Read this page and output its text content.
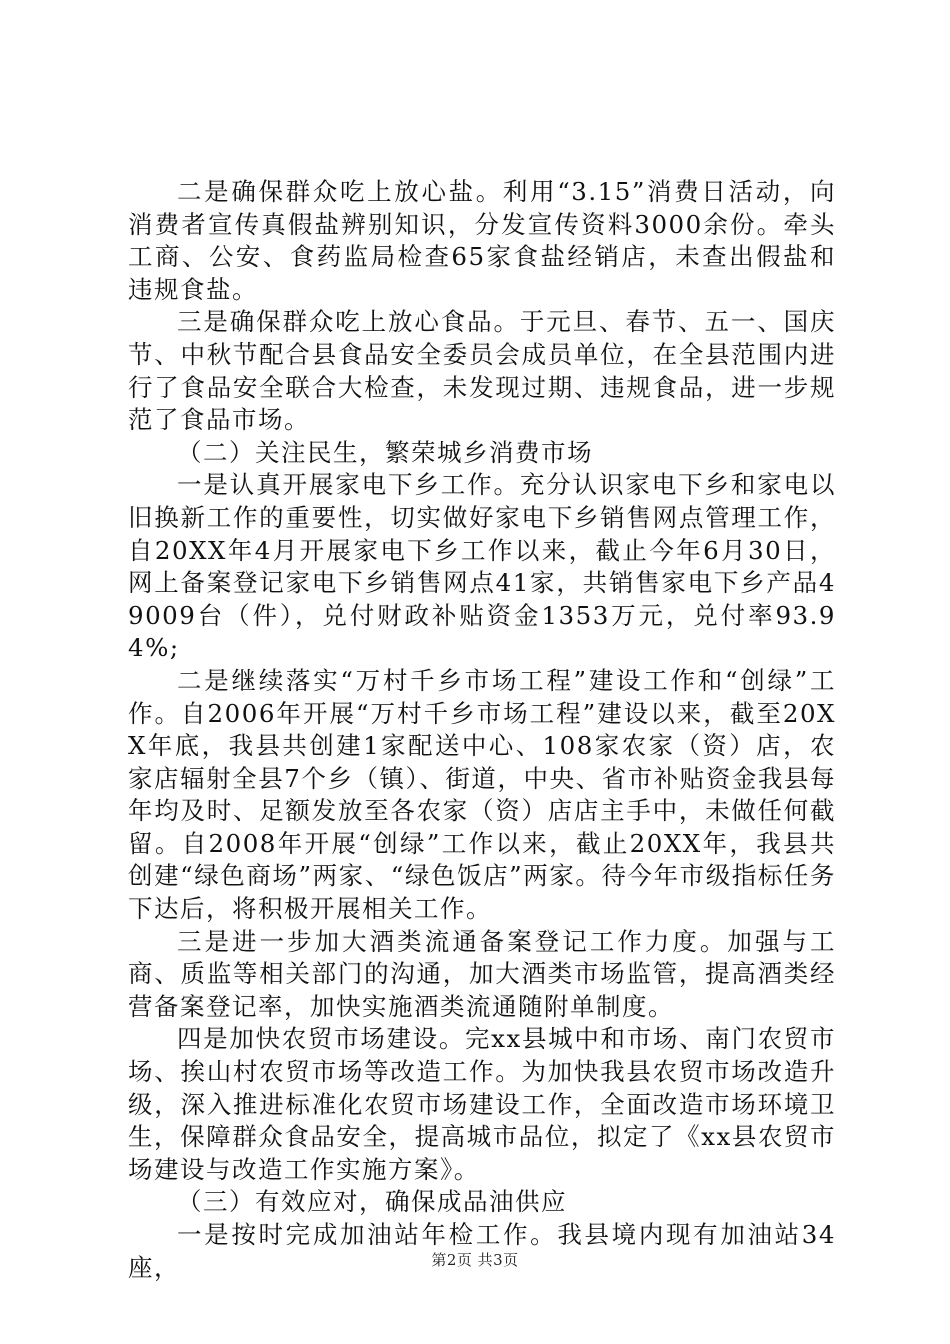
二是确保群众吃上放心盐。利用“3.15”消费日活动，向消费者宣传真假盐辨别知识，分发宣传资料3000余份。牵头工商、公安、食药监局检查65家食盐经销店，未查出假盐和违规食盐。

三是确保群众吃上放心食品。于元旦、春节、五一、国庆节、中秋节配合县食品安全委员会成员单位，在全县范围内进行了食品安全联合大检查，未发现过期、违规食品，进一步规范了食品市场。

（二）关注民生，繁荣城乡消费市场

一是认真开展家电下乡工作。充分认识家电下乡和家电以旧换新工作的重要性，切实做好家电下乡销售网点管理工作，自20XX年4月开展家电下乡工作以来，截止今年6月30日，网上备案登记家电下乡销售网点41家，共销售家电下乡产品49009台（件），兑付财政补贴资金1353万元，兑付率93.94%;

二是继续落实“万村千乡市场工程”建设工作和“创绿”工作。自2006年开展“万村千乡市场工程”建设以来，截至20XX年底，我县共创建1家配送中心、108家农家（资）店，农家店辐射全县7个乡（镇）、街道，中央、省市补贴资金我县每年均及时、足额发放至各农家（资）店店主手中，未做任何截留。自2008年开展“创绿”工作以来，截止20XX年，我县共创建“绿色商场”两家、“绿色饭店”两家。待今年市级指标任务下达后，将积极开展相关工作。

三是进一步加大酒类流通备案登记工作力度。加强与工商、质监等相关部门的沟通，加大酒类市场监管，提高酒类经营备案登记率，加快实施酒类流通随附单制度。

四是加快农贸市场建设。完xx县城中和市场、南门农贸市场、挨山村农贸市场等改造工作。为加快我县农贸市场改造升级，深入推进标准化农贸市场建设工作，全面改造市场环境卫生，保障群众食品安全，提高城市品位，拟定了《xx县农贸市场建设与改造工作实施方案》。

（三）有效应对，确保成品油供应

一是按时完成加油站年检工作。我县境内现有加油站34座，	第2页 共3页
